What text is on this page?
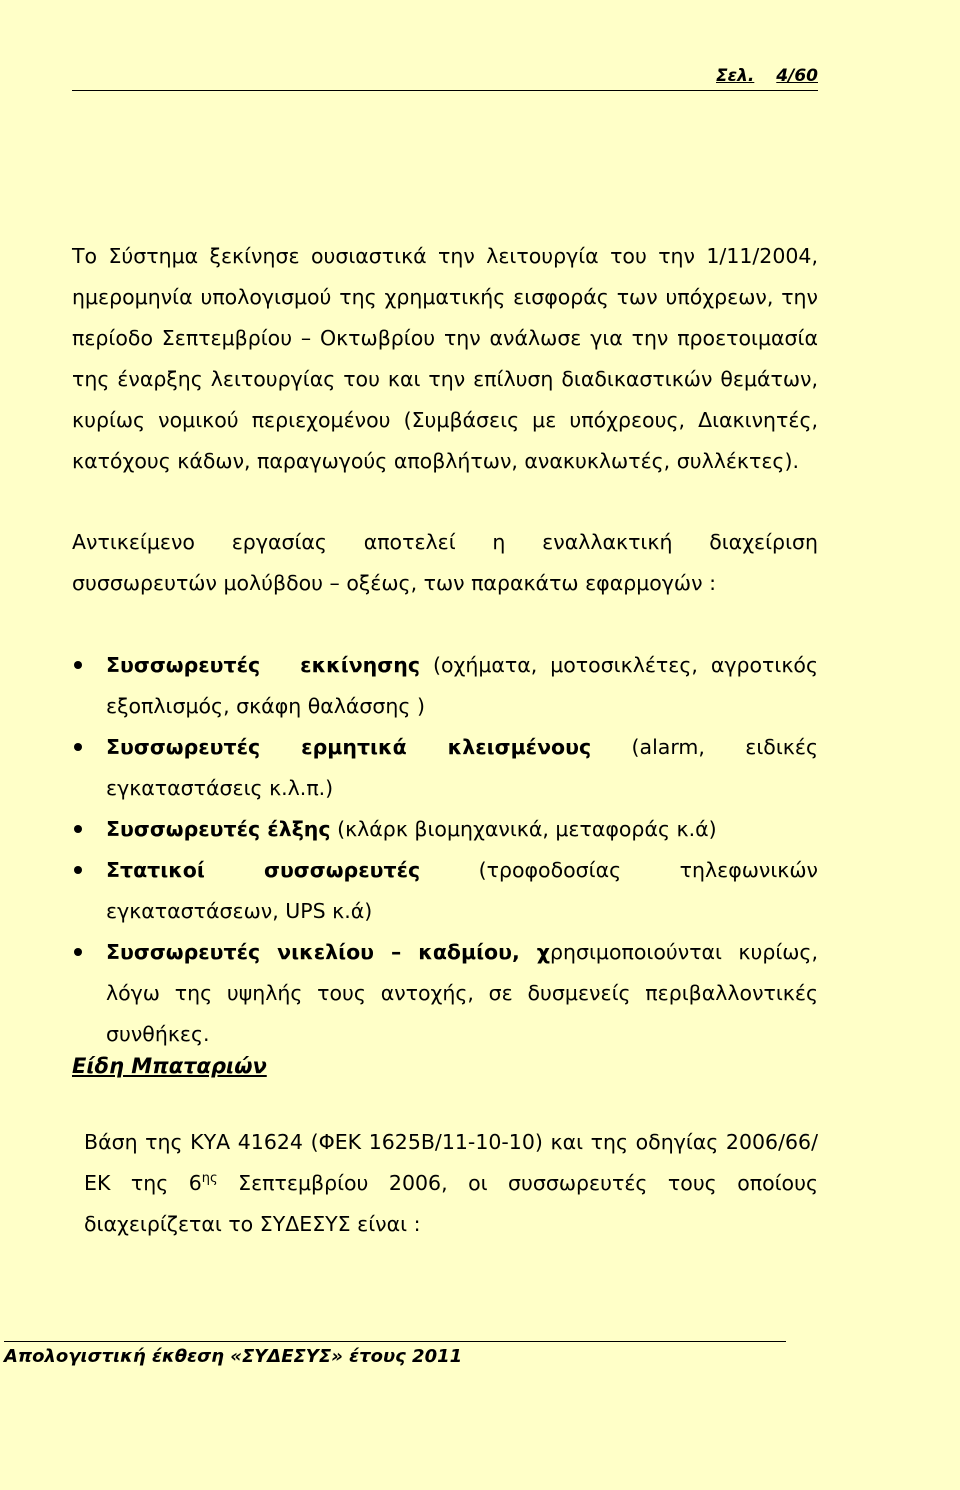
Σελ. 4/60

Το Σύστημα ξεκίνησε ουσιαστικά την λειτουργία του την 1/11/2004, ημερομηνία υπολογισμού της χρηματικής εισφοράς των υπόχρεων, την περίοδο Σεπτεμβρίου – Οκτωβρίου την ανάλωσε για την προετοιμασία της έναρξης λειτουργίας του και την επίλυση διαδικαστικών θεμάτων, κυρίως νομικού περιεχομένου (Συμβάσεις με υπόχρεους, Διακινητές, κατόχους κάδων, παραγωγούς αποβλήτων, ανακυκλωτές, συλλέκτες).

Αντικείμενο εργασίας αποτελεί η εναλλακτική διαχείριση συσσωρευτών μολύβδου – οξέως, των παρακάτω εφαρμογών :

Συσσωρευτές εκκίνησης (οχήματα, μοτοσικλέτες, αγροτικός εξοπλισμός, σκάφη θαλάσσης )
Συσσωρευτές ερμητικά κλεισμένους (alarm, ειδικές εγκαταστάσεις κ.λ.π.)
Συσσωρευτές έλξης (κλάρκ βιομηχανικά, μεταφοράς κ.ά)
Στατικοί συσσωρευτές (τροφοδοσίας τηλεφωνικών εγκαταστάσεων, UPS κ.ά)
Συσσωρευτές νικελίου – καδμίου, χρησιμοποιούνται κυρίως, λόγω της υψηλής τους αντοχής, σε δυσμενείς περιβαλλοντικές συνθήκες.
Είδη Μπαταριών

Βάση της ΚΥΑ 41624 (ΦΕΚ 1625Β/11-10-10) και της οδηγίας 2006/66/ΕΚ της $6^{\eta\varsigma}$ Σεπτεμβρίου 2006, οι συσσωρευτές τους οποίους διαχειρίζεται το ΣΥΔΕΣΥΣ είναι :

Απολογιστική έκθεση «ΣΥΔΕΣΥΣ» έτους 2011
